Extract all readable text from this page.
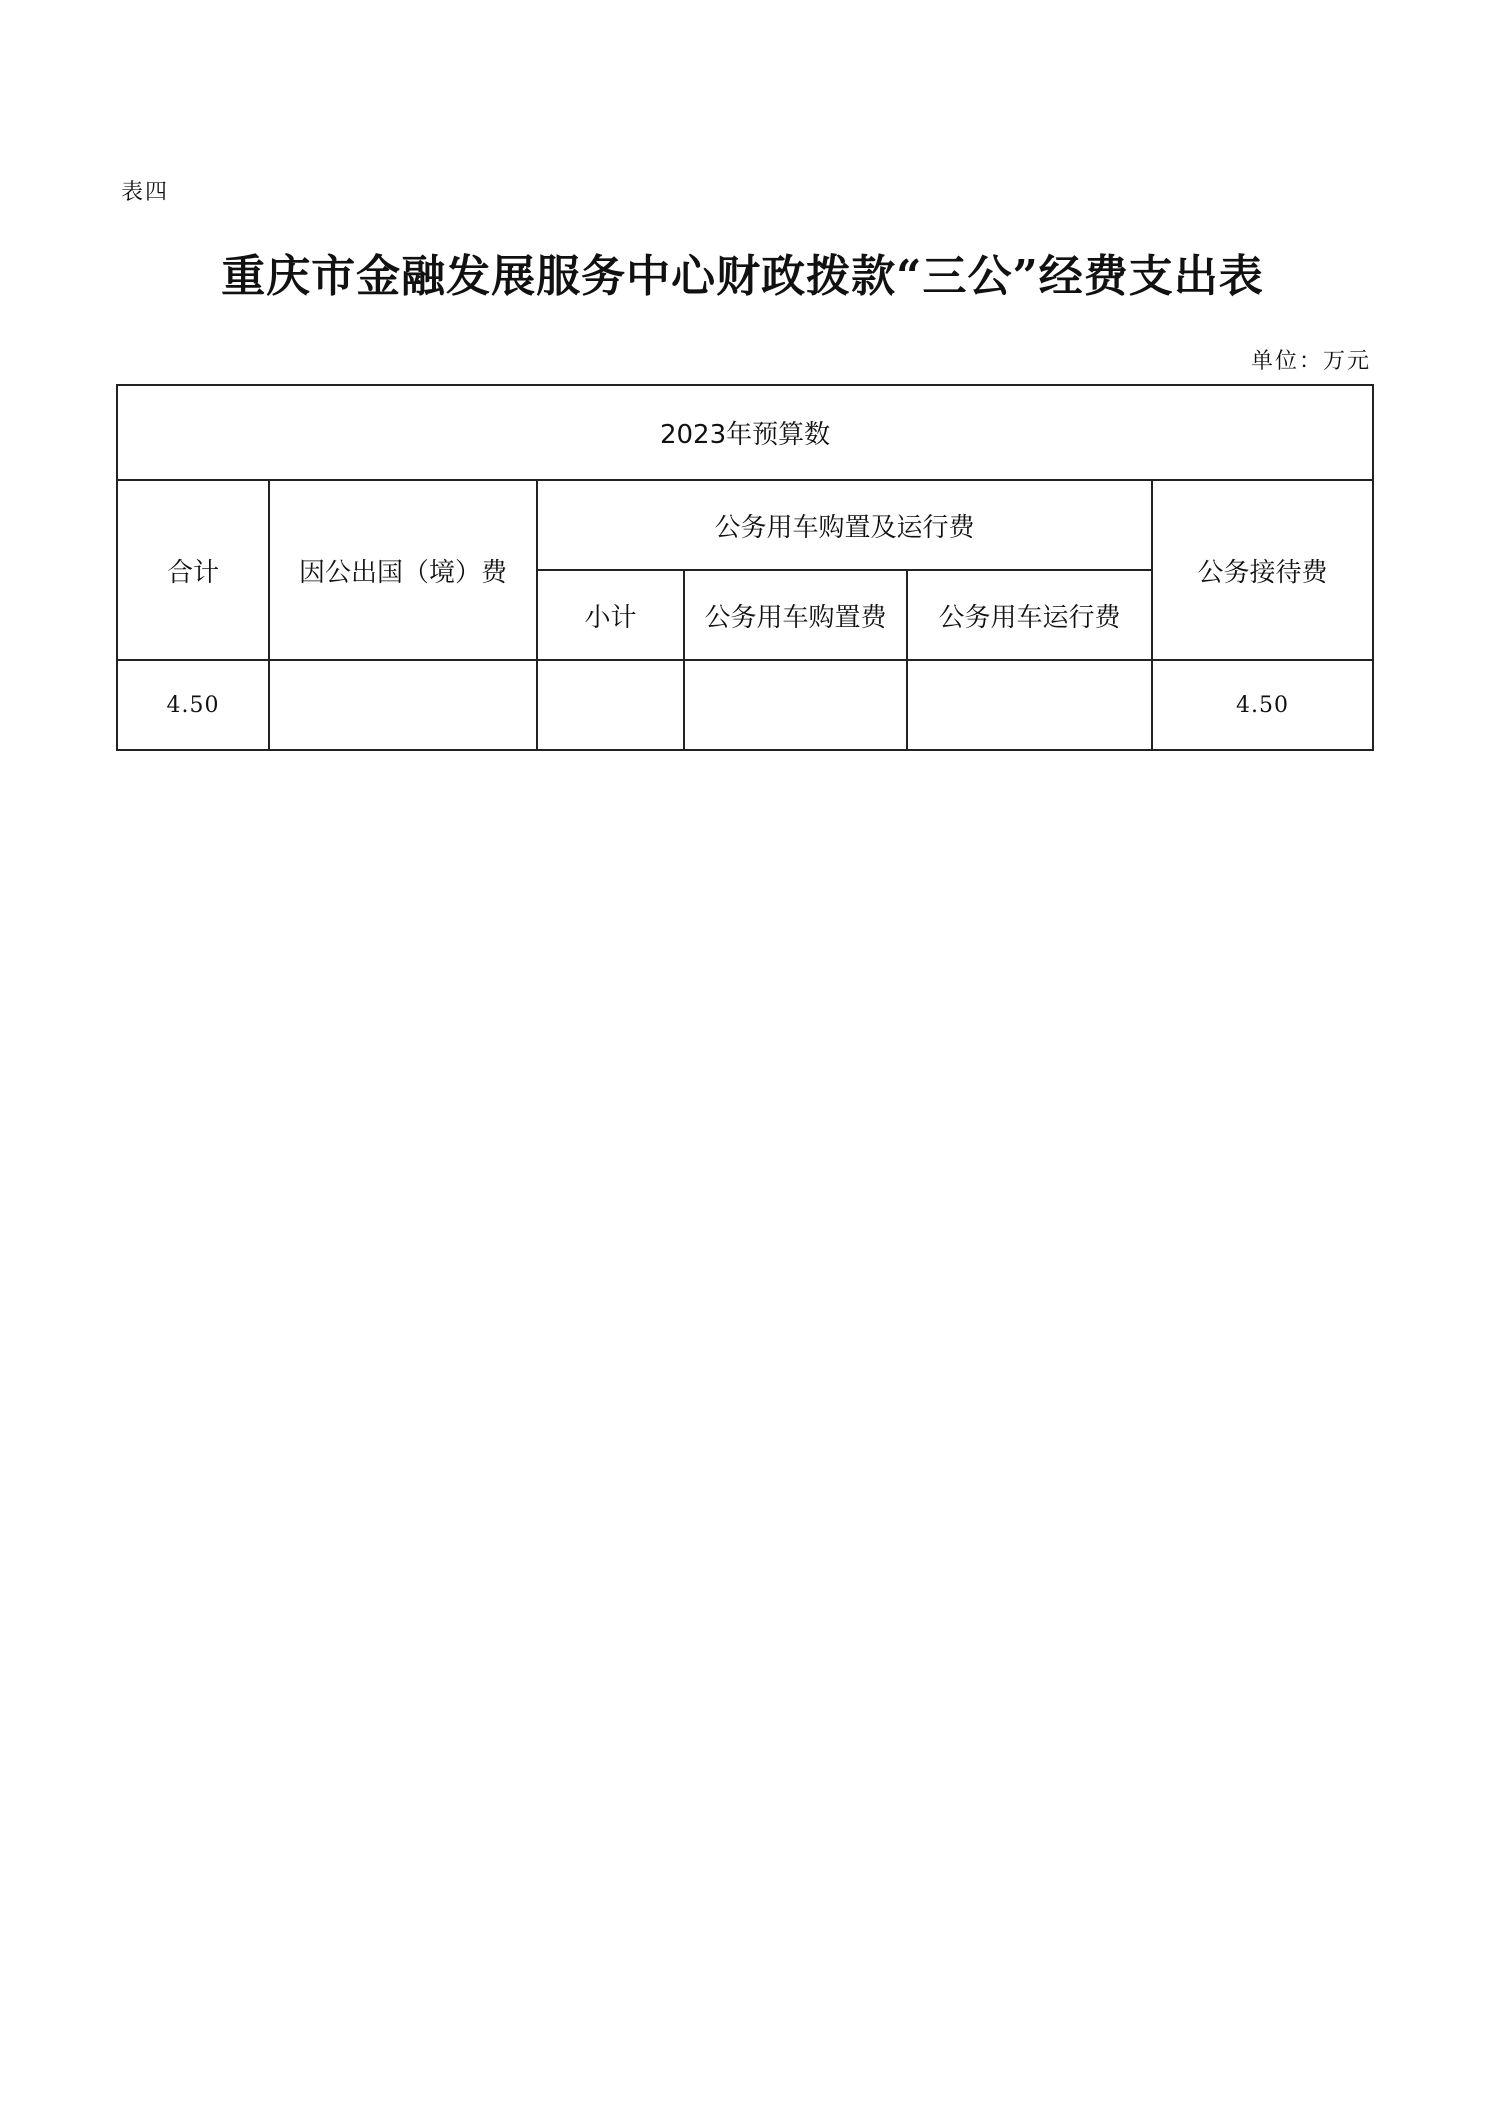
表四
重庆市金融发展服务中心财政拨款“三公”经费支出表
单位：万元
2023年预算数					
合计	因公出国（境）费	公务用车购置及运行费			公务接待费
		小计	公务用车购置费	公务用车运行费	
4.50					4.50
